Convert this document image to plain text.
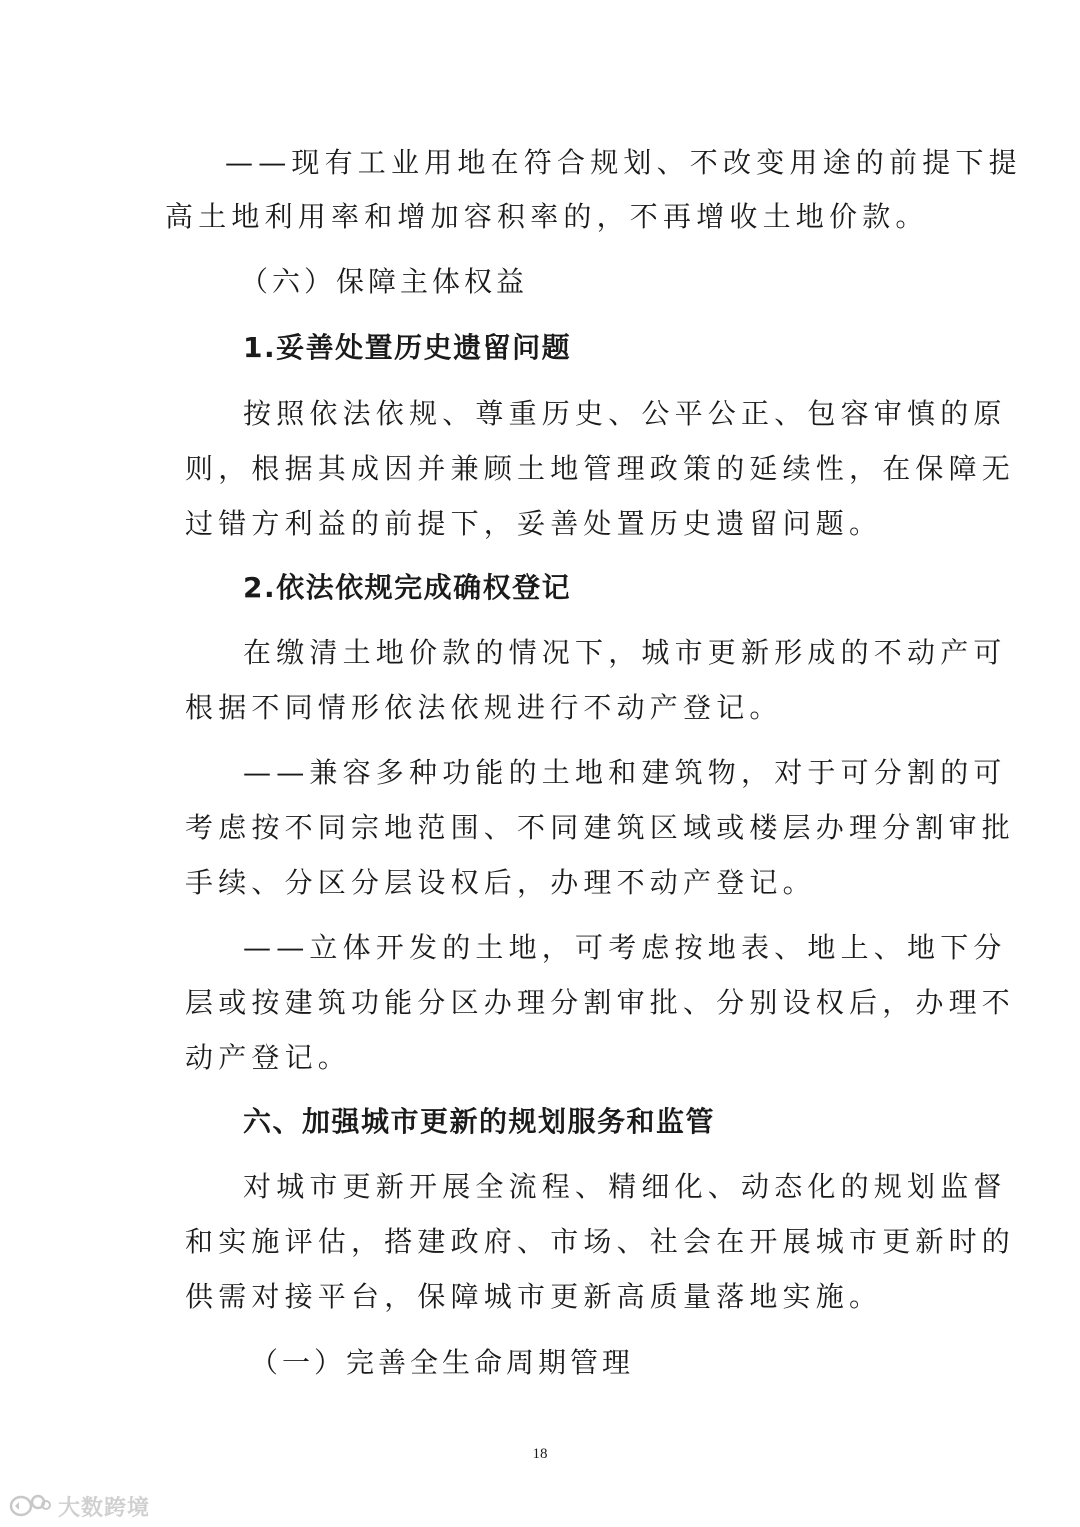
——现有工业用地在符合规划、不改变用途的前提下提
高土地利用率和增加容积率的，不再增收土地价款。
（六）保障主体权益
1.妥善处置历史遗留问题
按照依法依规、尊重历史、公平公正、包容审慎的原
则，根据其成因并兼顾土地管理政策的延续性，在保障无
过错方利益的前提下，妥善处置历史遗留问题。
2.依法依规完成确权登记
在缴清土地价款的情况下，城市更新形成的不动产可
根据不同情形依法依规进行不动产登记。
——兼容多种功能的土地和建筑物，对于可分割的可
考虑按不同宗地范围、不同建筑区域或楼层办理分割审批
手续、分区分层设权后，办理不动产登记。
——立体开发的土地，可考虑按地表、地上、地下分
层或按建筑功能分区办理分割审批、分别设权后，办理不
动产登记。
六、加强城市更新的规划服务和监管
对城市更新开展全流程、精细化、动态化的规划监督
和实施评估，搭建政府、市场、社会在开展城市更新时的
供需对接平台，保障城市更新高质量落地实施。
（一）完善全生命周期管理
18
大数跨境
